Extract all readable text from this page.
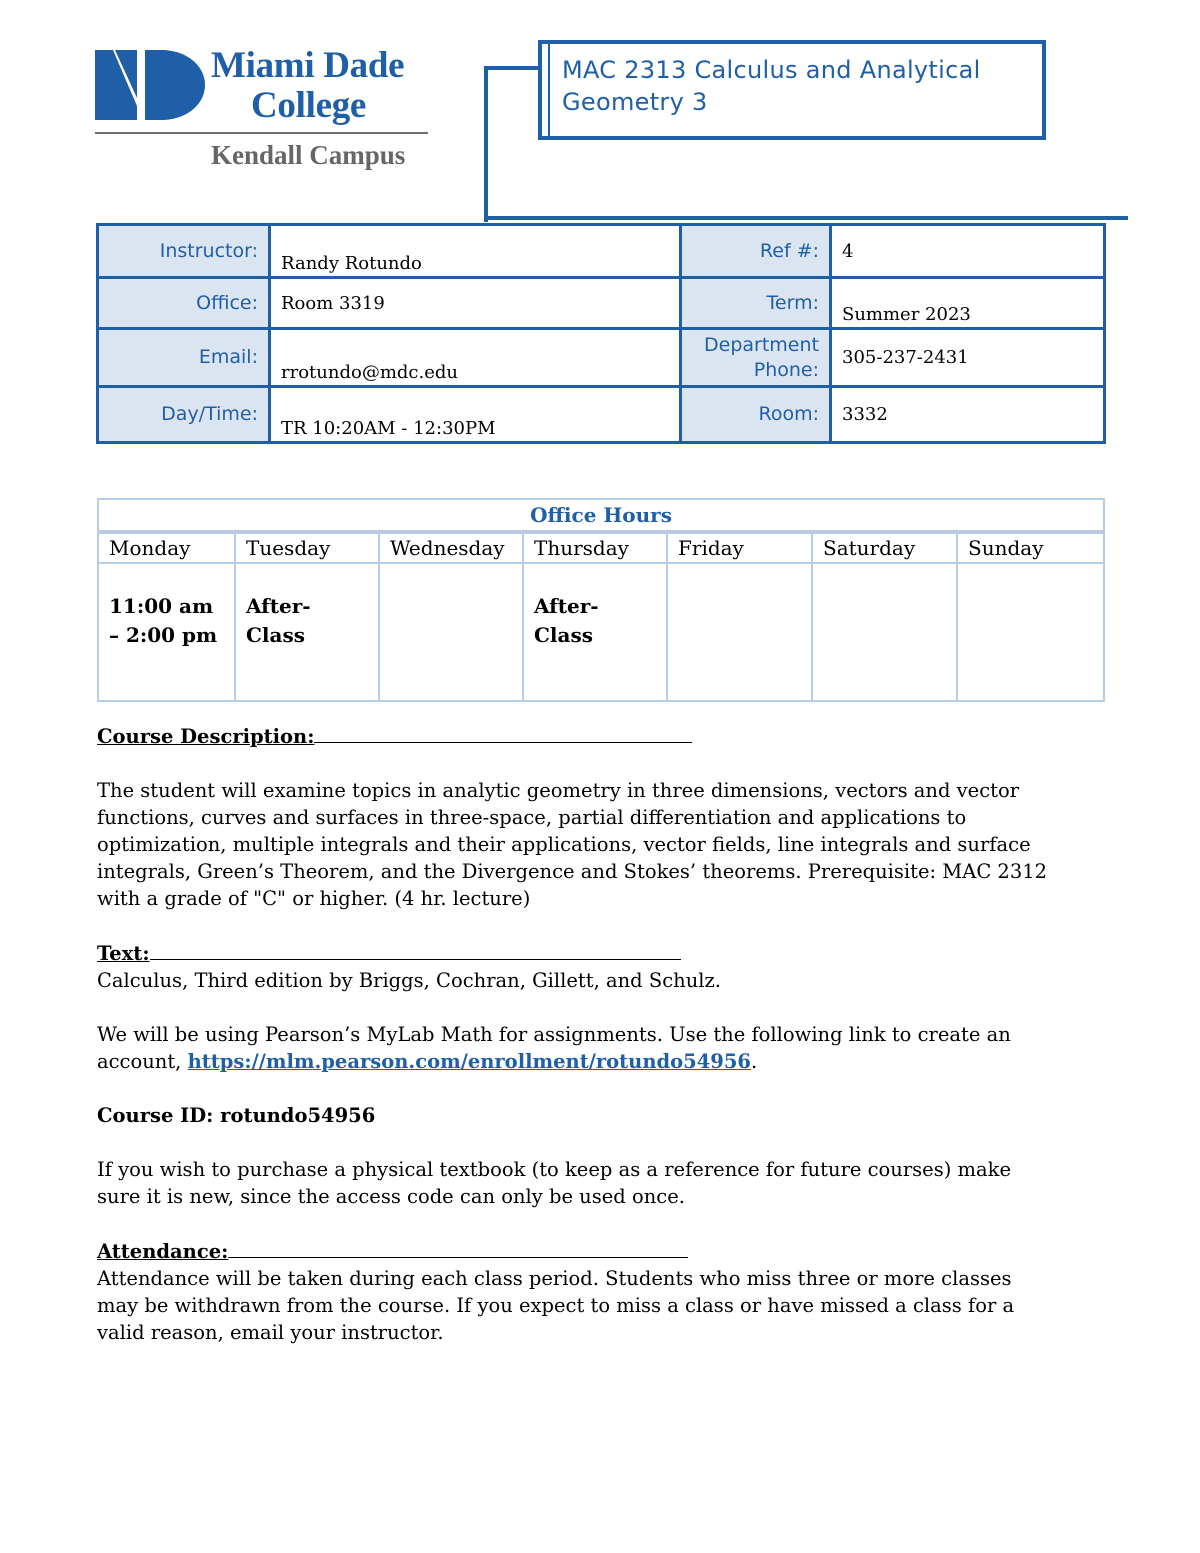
Miami Dade
College
Kendall Campus
MAC 2313 Calculus and Analytical Geometry 3
Instructor:	Randy Rotundo	Ref #:	4
Office:	Room 3319	Term:	Summer 2023
Email:	rrotundo@mdc.edu	Department Phone:	305-237-2431
Day/Time:	TR 10:20AM - 12:30PM	Room:	3332
Office Hours						
Monday	Tuesday	Wednesday	Thursday	Friday	Saturday	Sunday
11:00 am – 2:00 pm	After-Class		After-Class			

Course Description:

The student will examine topics in analytic geometry in three dimensions, vectors and vector functions, curves and surfaces in three-space, partial differentiation and applications to optimization, multiple integrals and their applications, vector fields, line integrals and surface integrals, Green’s Theorem, and the Divergence and Stokes’ theorems. Prerequisite: MAC 2312 with a grade of "C" or higher. (4 hr. lecture)

Text:

Calculus, Third edition by Briggs, Cochran, Gillett, and Schulz.

We will be using Pearson’s MyLab Math for assignments. Use the following link to create an account, https://mlm.pearson.com/enrollment/rotundo54956.

Course ID: rotundo54956

If you wish to purchase a physical textbook (to keep as a reference for future courses) make sure it is new, since the access code can only be used once.

Attendance:

Attendance will be taken during each class period. Students who miss three or more classes may be withdrawn from the course. If you expect to miss a class or have missed a class for a valid reason, email your instructor.
